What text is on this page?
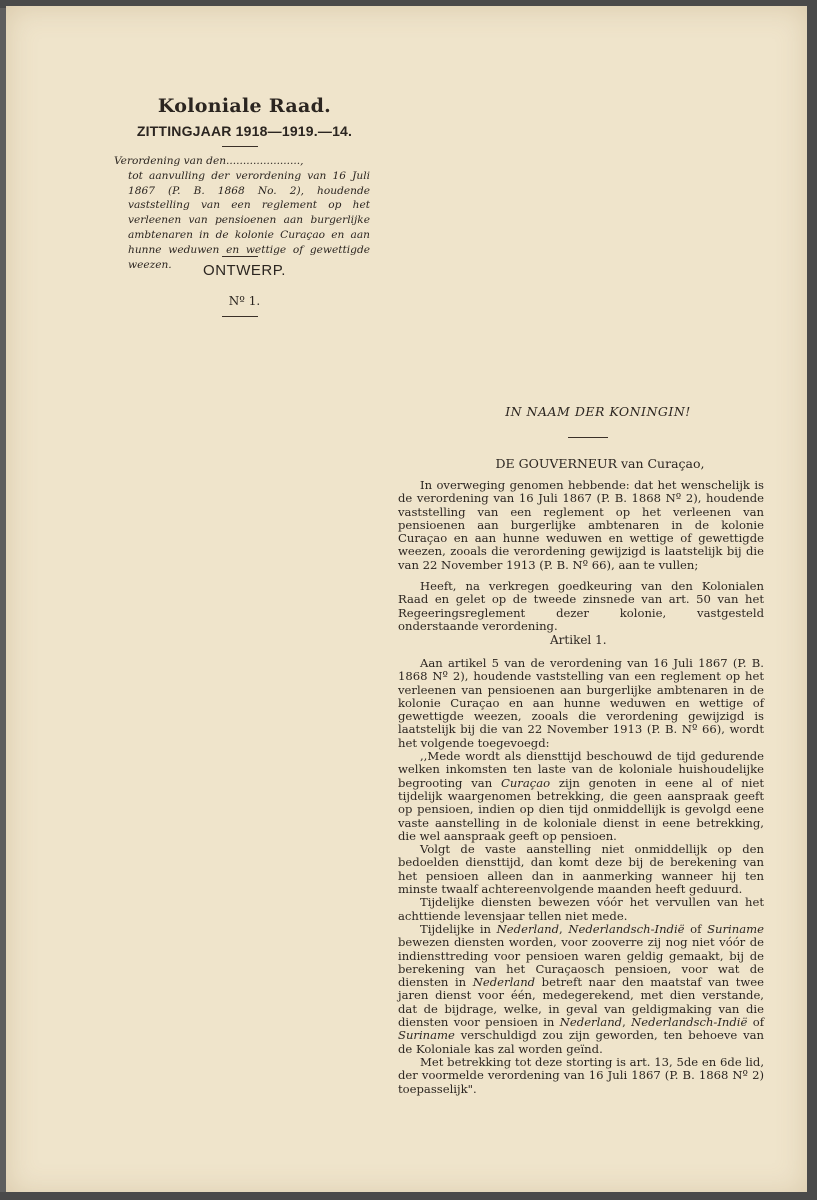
Koloniale Raad.
ZITTINGJAAR 1918—1919.—14.
Verordening van den......................,
tot aanvulling der verordening van 16 Juli 1867 (P. B. 1868 No. 2), houdende vaststelling van een reglement op het verleenen van pensioenen aan burgerlijke ambtenaren in de kolonie Curaçao en aan hunne weduwen en wettige of gewettigde weezen.	ONTWERP.
Nº 1.
IN NAAM DER KONINGIN!
DE GOUVERNEUR van Curaçao,

In overweging genomen hebbende: dat het wenschelijk is de verordening van 16 Juli 1867 (P. B. 1868 Nº 2), houdende vaststelling van een reglement op het verleenen van pensioenen aan burgerlijke ambtenaren in de kolonie Curaçao en aan hunne weduwen en wettige of gewettigde weezen, zooals die verordening gewijzigd is laatstelijk bij die van 22 November 1913 (P. B. Nº 66), aan te vullen;

Heeft, na verkregen goedkeuring van den Kolonialen Raad en gelet op de tweede zinsnede van art. 50 van het Regeeringsreglement dezer kolonie, vastgesteld onderstaande verordening.

Artikel 1.

Aan artikel 5 van de verordening van 16 Juli 1867 (P. B. 1868 Nº 2), houdende vaststelling van een reglement op het verleenen van pensioenen aan burgerlijke ambtenaren in de kolonie Curaçao en aan hunne weduwen en wettige of gewettigde weezen, zooals die verordening gewijzigd is laatstelijk bij die van 22 November 1913 (P. B. Nº 66), wordt het volgende toegevoegd:

,,Mede wordt als diensttijd beschouwd de tijd gedurende welken inkomsten ten laste van de koloniale huishoudelijke begrooting van Curaçao zijn genoten in eene al of niet tijdelijk waargenomen betrekking, die geen aanspraak geeft op pensioen, indien op dien tijd onmiddellijk is gevolgd eene vaste aanstelling in de koloniale dienst in eene betrekking, die wel aanspraak geeft op pensioen.

Volgt de vaste aanstelling niet onmiddellijk op den bedoelden diensttijd, dan komt deze bij de berekening van het pensioen alleen dan in aanmerking wanneer hij ten minste twaalf achtereenvolgende maanden heeft geduurd.

Tijdelijke diensten bewezen vóór het vervullen van het achttiende levensjaar tellen niet mede.

Tijdelijke in Nederland, Nederlandsch-Indië of Suriname bewezen diensten worden, voor zooverre zij nog niet vóór de indiensttreding voor pensioen waren geldig gemaakt, bij de berekening van het Curaçaosch pensioen, voor wat de diensten in Nederland betreft naar den maatstaf van twee jaren dienst voor één, medegerekend, met dien verstande, dat de bijdrage, welke, in geval van geldigmaking van die diensten voor pensioen in Nederland, Nederlandsch-Indië of Suriname verschuldigd zou zijn geworden, ten behoeve van de Koloniale kas zal worden geïnd.

Met betrekking tot deze storting is art. 13, 5de en 6de lid, der voormelde verordening van 16 Juli 1867 (P. B. 1868 Nº 2) toepasselijk".
